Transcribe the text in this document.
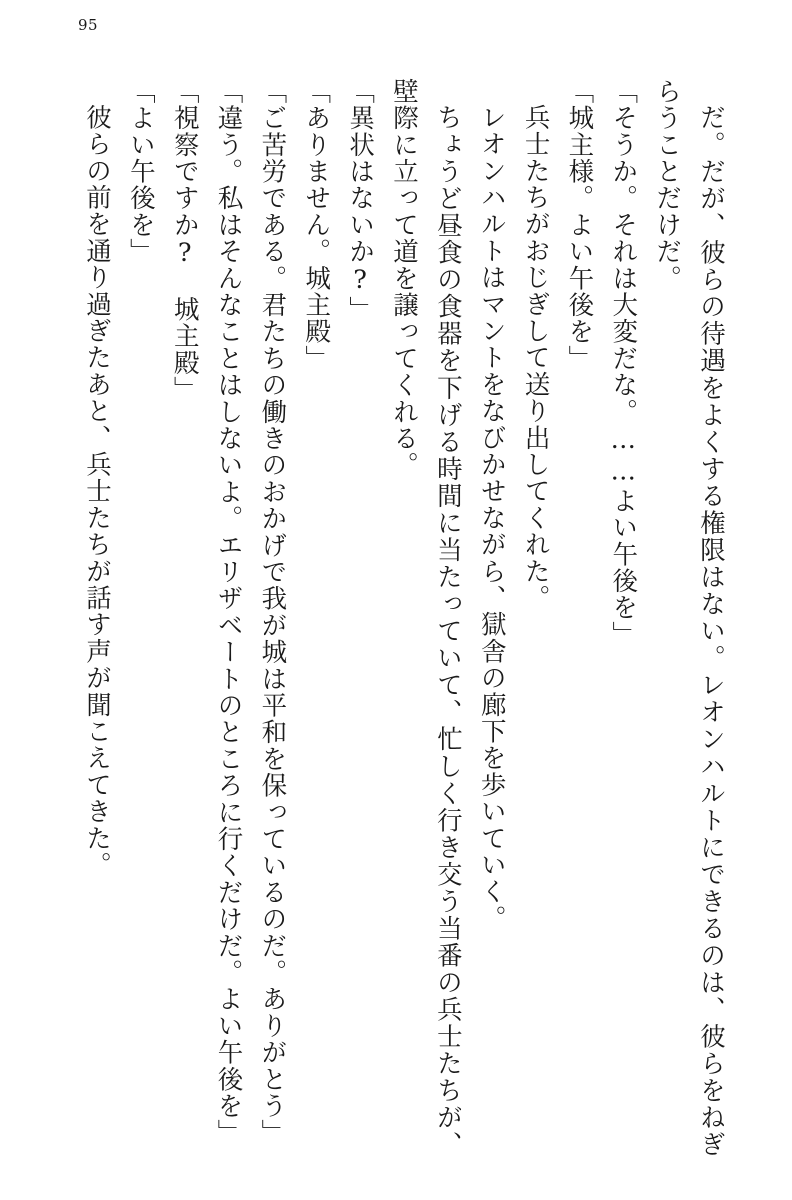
95

だ。だが、彼らの待遇をよくする権限はない。レオンハルトにできるのは、彼らをねぎらうことだけだ。

「そうか。それは大変だな。……よい午後を」

「城主様。よい午後を」

兵士たちがおじぎして送り出してくれた。

レオンハルトはマントをなびかせながら、獄舎の廊下を歩いていく。

ちょうど昼食の食器を下げる時間に当たっていて、忙しく行き交う当番の兵士たちが、壁際に立って道を譲ってくれる。

「異状はないか?」

「ありません。城主殿」

「ご苦労である。君たちの働きのおかげで我が城は平和を保っているのだ。ありがとう」

「違う。私はそんなことはしないよ。エリザベートのところに行くだけだ。よい午後を」

「視察ですか?　城主殿」

「よい午後を」

彼らの前を通り過ぎたあと、兵士たちが話す声が聞こえてきた。
